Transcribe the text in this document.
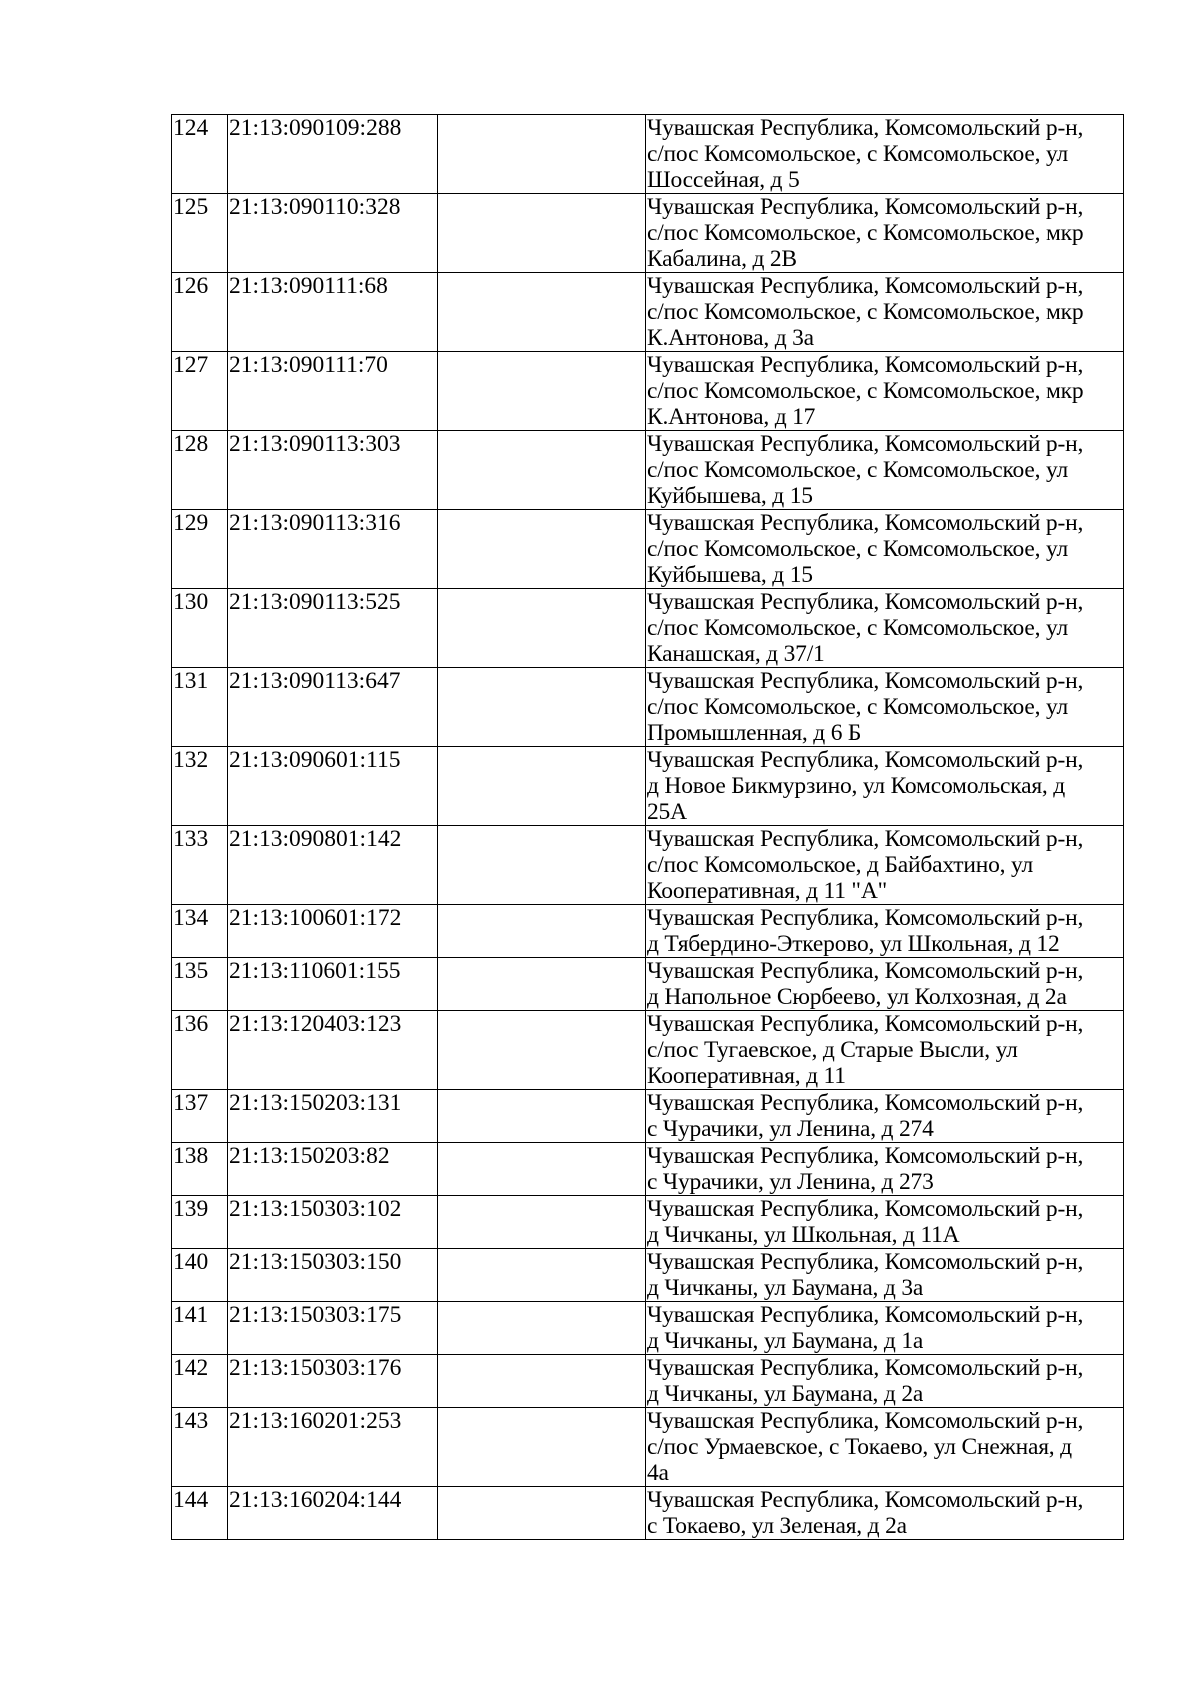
124	21:13:090109:288		Чувашская Республика, Комсомольский р-н,
с/пос Комсомольское, с Комсомольское, ул
Шоссейная, д 5

125	21:13:090110:328		Чувашская Республика, Комсомольский р-н,
с/пос Комсомольское, с Комсомольское, мкр
Кабалина, д 2В

126	21:13:090111:68		Чувашская Республика, Комсомольский р-н,
с/пос Комсомольское, с Комсомольское, мкр
К.Антонова, д 3а

127	21:13:090111:70		Чувашская Республика, Комсомольский р-н,
с/пос Комсомольское, с Комсомольское, мкр
К.Антонова, д 17

128	21:13:090113:303		Чувашская Республика, Комсомольский р-н,
с/пос Комсомольское, с Комсомольское, ул
Куйбышева, д 15

129	21:13:090113:316		Чувашская Республика, Комсомольский р-н,
с/пос Комсомольское, с Комсомольское, ул
Куйбышева, д 15

130	21:13:090113:525		Чувашская Республика, Комсомольский р-н,
с/пос Комсомольское, с Комсомольское, ул
Канашская, д 37/1

131	21:13:090113:647		Чувашская Республика, Комсомольский р-н,
с/пос Комсомольское, с Комсомольское, ул
Промышленная, д 6 Б

132	21:13:090601:115		Чувашская Республика, Комсомольский р-н,
д Новое Бикмурзино, ул Комсомольская, д
25А

133	21:13:090801:142		Чувашская Республика, Комсомольский р-н,
с/пос Комсомольское, д Байбахтино, ул
Кооперативная, д 11 "А"

134	21:13:100601:172		Чувашская Республика, Комсомольский р-н,
д Тябердино-Эткерово, ул Школьная, д 12

135	21:13:110601:155		Чувашская Республика, Комсомольский р-н,
д Напольное Сюрбеево, ул Колхозная, д 2а

136	21:13:120403:123		Чувашская Республика, Комсомольский р-н,
с/пос Тугаевское, д Старые Высли, ул
Кооперативная, д 11

137	21:13:150203:131		Чувашская Республика, Комсомольский р-н,
с Чурачики, ул Ленина, д 274

138	21:13:150203:82		Чувашская Республика, Комсомольский р-н,
с Чурачики, ул Ленина, д 273

139	21:13:150303:102		Чувашская Республика, Комсомольский р-н,
д Чичканы, ул Школьная, д 11А

140	21:13:150303:150		Чувашская Республика, Комсомольский р-н,
д Чичканы, ул Баумана, д 3а

141	21:13:150303:175		Чувашская Республика, Комсомольский р-н,
д Чичканы, ул Баумана, д 1а

142	21:13:150303:176		Чувашская Республика, Комсомольский р-н,
д Чичканы, ул Баумана, д 2а

143	21:13:160201:253		Чувашская Республика, Комсомольский р-н,
с/пос Урмаевское, с Токаево, ул Снежная, д
4а

144	21:13:160204:144		Чувашская Республика, Комсомольский р-н,
с Токаево, ул Зеленая, д 2а
